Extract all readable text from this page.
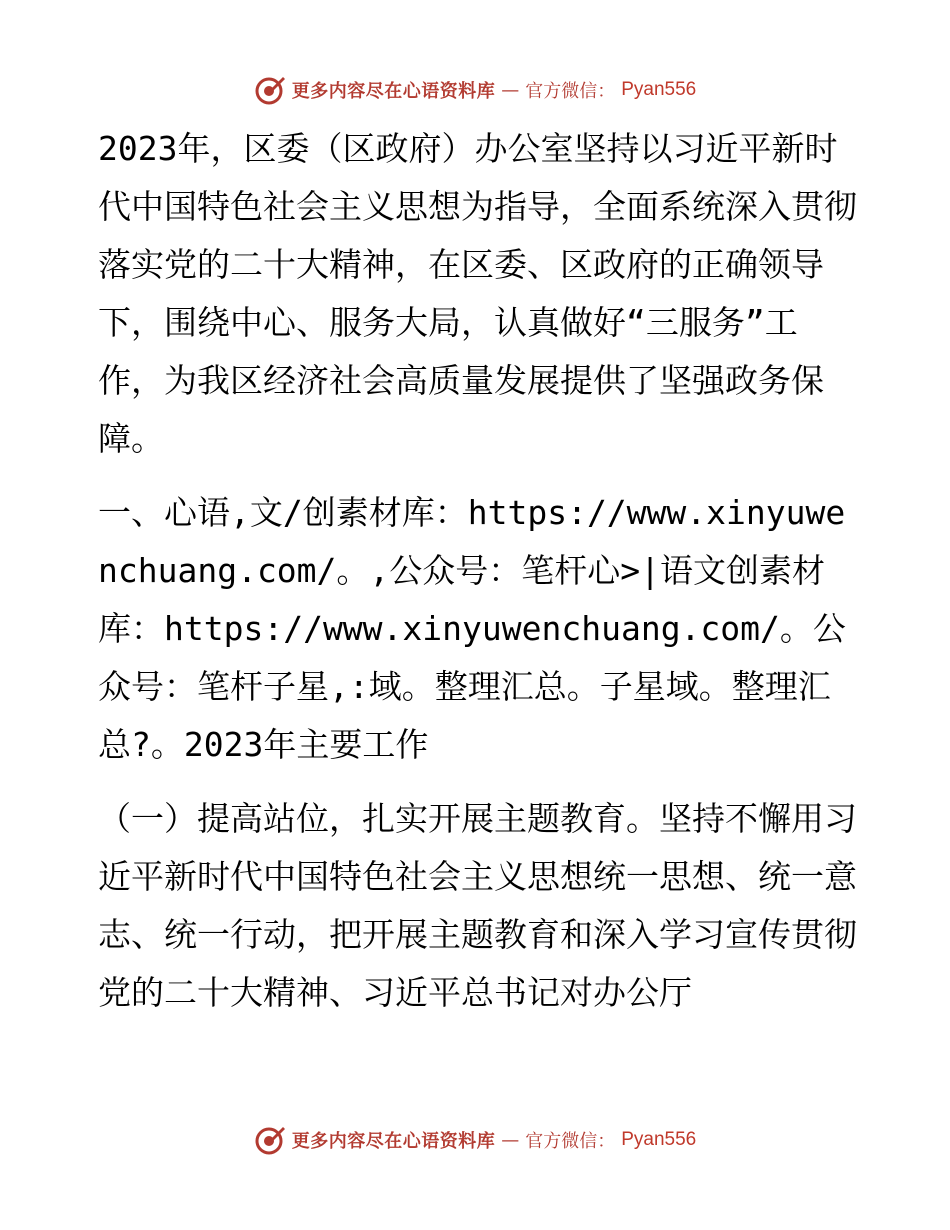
更多内容尽在心语资料库 — 官方微信： Pyan556

2023年，区委（区政府）办公室坚持以习近平新时代中国特色社会主义思想为指导，全面系统深入贯彻落实党的二十大精神，在区委、区政府的正确领导下，围绕中心、服务大局，认真做好“三服务”工作，为我区经济社会高质量发展提供了坚强政务保障。

一、心语,文/创素材库：https://www.xinyuwenchuang.com/。,公众号：笔杆心>|语文创素材库：https://www.xinyuwenchuang.com/。公众号：笔杆子星,:域。整理汇总。子星域。整理汇总?。2023年主要工作

（一）提高站位，扎实开展主题教育。坚持不懈用习近平新时代中国特色社会主义思想统一思想、统一意志、统一行动，把开展主题教育和深入学习宣传贯彻党的二十大精神、习近平总书记对办公厅

更多内容尽在心语资料库 — 官方微信： Pyan556
